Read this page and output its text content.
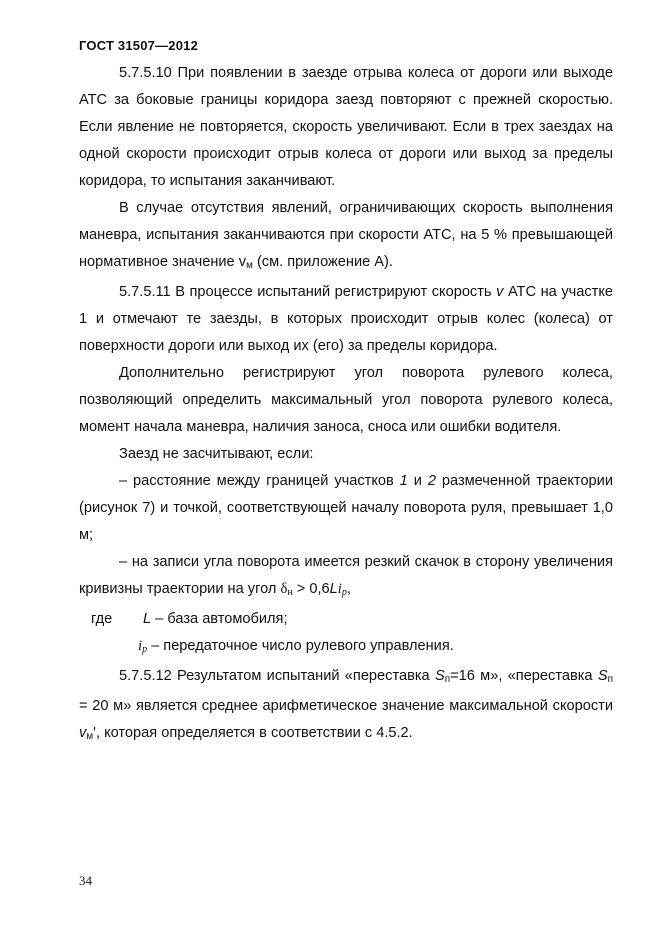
ГОСТ 31507—2012

5.7.5.10 При появлении в заезде отрыва колеса от дороги или выходе АТС за боковые границы коридора заезд повторяют с прежней скоростью. Если явление не повторяется, скорость увеличивают. Если в трех заездах на одной скорости происходит отрыв колеса от дороги или выход за пределы коридора, то испытания заканчивают.

В случае отсутствия явлений, ограничивающих скорость выполнения маневра, испытания заканчиваются при скорости АТС, на 5 % превышающей нормативное значение $v_м$ (см. приложение А).

5.7.5.11 В процессе испытаний регистрируют скорость v АТС на участке 1 и отмечают те заезды, в которых происходит отрыв колес (колеса) от поверхности дороги или выход их (его) за пределы коридора.

Дополнительно регистрируют угол поворота рулевого колеса, позволяющий определить максимальный угол поворота рулевого колеса, момент начала маневра, наличия заноса, сноса или ошибки водителя.

Заезд не засчитывают, если:

– расстояние между границей участков 1 и 2 размеченной траектории (рисунок 7) и точкой, соответствующей началу поворота руля, превышает 1,0 м;

– на записи угла поворота имеется резкий скачок в сторону увеличения кривизны траектории на угол $\delta_н > 0,6Li_р$,

где L – база автомобиля;
$i_р$ – передаточное число рулевого управления.

5.7.5.12 Результатом испытаний «переставка $S_п=16$ м», «переставка $S_п = 20$ м» является среднее арифметическое значение максимальной скорости $v_м'$, которая определяется в соответствии с 4.5.2.

34
